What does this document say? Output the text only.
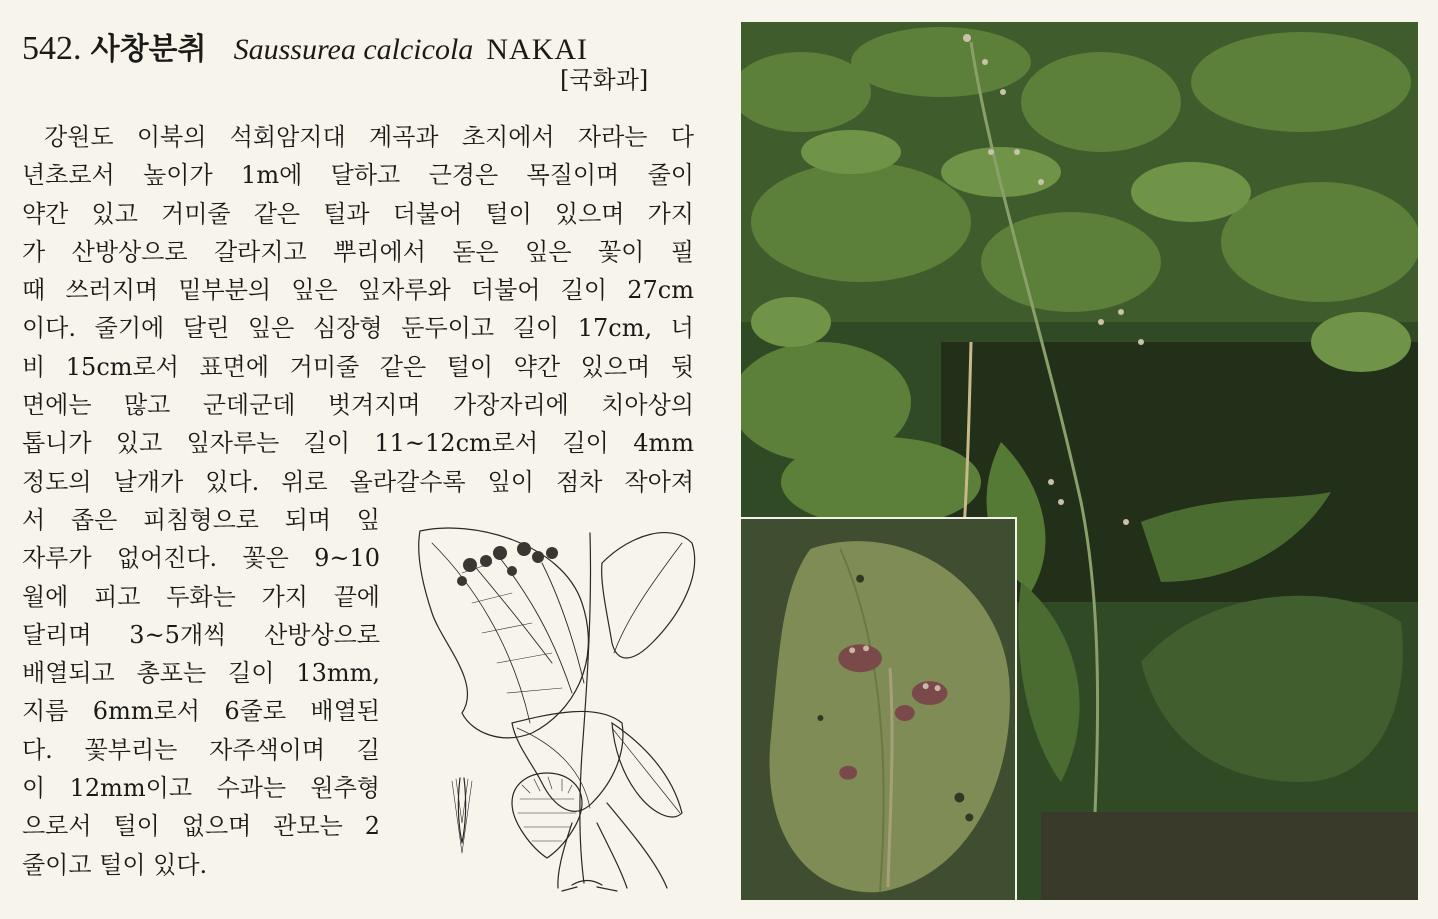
542. 사창분취 Saussurea calcicola NAKAI
[국화과]
강원도 이북의 석회암지대 계곡과 초지에서 자라는 다
년초로서 높이가 1m에 달하고 근경은 목질이며 줄이
약간 있고 거미줄 같은 털과 더불어 털이 있으며 가지
가 산방상으로 갈라지고 뿌리에서 돋은 잎은 꽃이 필
때 쓰러지며 밑부분의 잎은 잎자루와 더불어 길이 27cm
이다. 줄기에 달린 잎은 심장형 둔두이고 길이 17cm, 너
비 15cm로서 표면에 거미줄 같은 털이 약간 있으며 뒷
면에는 많고 군데군데 벗겨지며 가장자리에 치아상의
톱니가 있고 잎자루는 길이 11~12cm로서 길이 4mm
정도의 날개가 있다. 위로 올라갈수록 잎이 점차 작아져
서 좁은 피침형으로 되며 잎
자루가 없어진다. 꽃은 9~10
월에 피고 두화는 가지 끝에
달리며 3~5개씩 산방상으로
배열되고 총포는 길이 13mm,
지름 6mm로서 6줄로 배열된
다. 꽃부리는 자주색이며 길
이 12mm이고 수과는 원추형
으로서 털이 없으며 관모는 2
줄이고 털이 있다.
